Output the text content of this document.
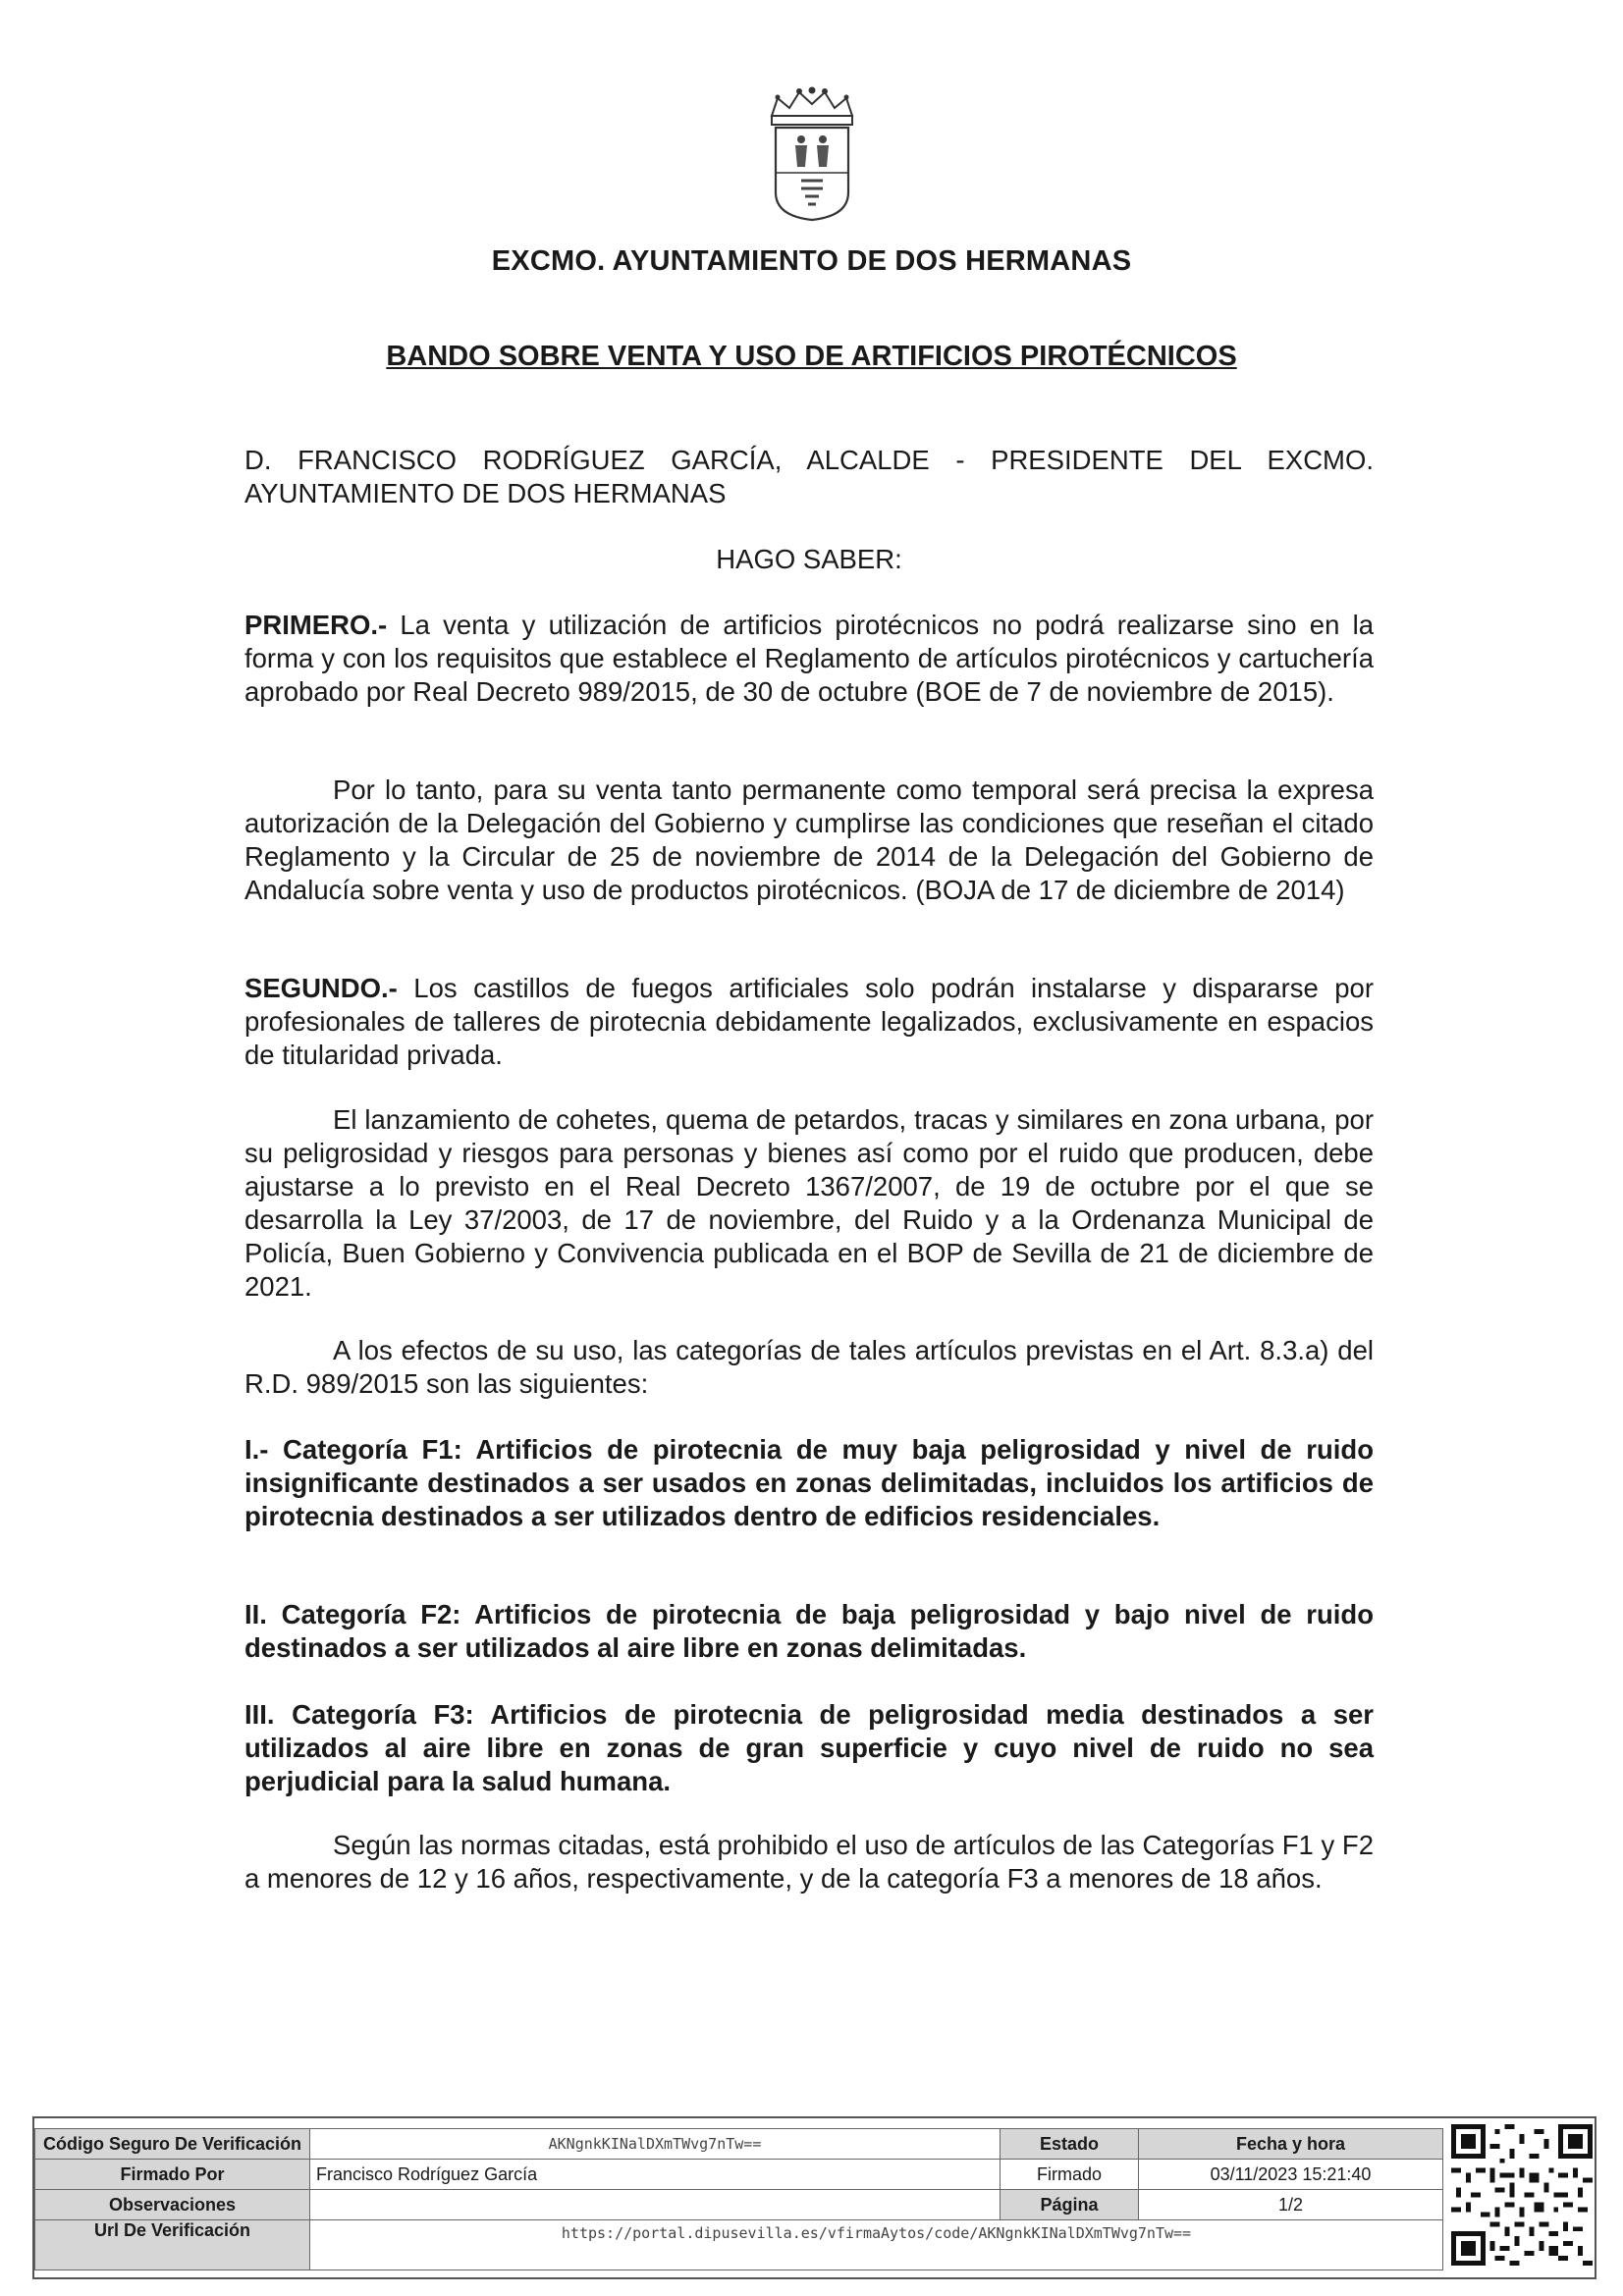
EXCMO. AYUNTAMIENTO DE DOS HERMANAS
BANDO SOBRE VENTA Y USO DE ARTIFICIOS PIROTÉCNICOS

D. FRANCISCO RODRÍGUEZ GARCÍA, ALCALDE - PRESIDENTE DEL EXCMO. AYUNTAMIENTO DE DOS HERMANAS

HAGO SABER:

PRIMERO.- La venta y utilización de artificios pirotécnicos no podrá realizarse sino en la forma y con los requisitos que establece el Reglamento de artículos pirotécnicos y cartuchería aprobado por Real Decreto 989/2015, de 30 de octubre (BOE de 7 de noviembre de 2015).

Por lo tanto, para su venta tanto permanente como temporal será precisa la expresa autorización de la Delegación del Gobierno y cumplirse las condiciones que reseñan el citado Reglamento y la Circular de 25 de noviembre de 2014 de la Delegación del Gobierno de Andalucía sobre venta y uso de productos pirotécnicos. (BOJA de 17 de diciembre de 2014)

SEGUNDO.- Los castillos de fuegos artificiales solo podrán instalarse y dispararse por profesionales de talleres de pirotecnia debidamente legalizados, exclusivamente en espacios de titularidad privada.

El lanzamiento de cohetes, quema de petardos, tracas y similares en zona urbana, por su peligrosidad y riesgos para personas y bienes así como por el ruido que producen, debe ajustarse a lo previsto en el Real Decreto 1367/2007, de 19 de octubre por el que se desarrolla la Ley 37/2003, de 17 de noviembre, del Ruido y a la Ordenanza Municipal de Policía, Buen Gobierno y Convivencia publicada en el BOP de Sevilla de 21 de diciembre de 2021.

A los efectos de su uso, las categorías de tales artículos previstas en el Art. 8.3.a) del R.D. 989/2015 son las siguientes:

I.- Categoría F1: Artificios de pirotecnia de muy baja peligrosidad y nivel de ruido insignificante destinados a ser usados en zonas delimitadas, incluidos los artificios de pirotecnia destinados a ser utilizados dentro de edificios residenciales.

II. Categoría F2: Artificios de pirotecnia de baja peligrosidad y bajo nivel de ruido destinados a ser utilizados al aire libre en zonas delimitadas.

III. Categoría F3: Artificios de pirotecnia de peligrosidad media destinados a ser utilizados al aire libre en zonas de gran superficie y cuyo nivel de ruido no sea perjudicial para la salud humana.

Según las normas citadas, está prohibido el uso de artículos de las Categorías F1 y F2 a menores de 12 y 16 años, respectivamente, y de la categoría F3 a menores de 18 años.

Código Seguro De Verificación	AKNgnkKINalDXmTWvg7nTw==	Estado	Fecha y hora
Firmado Por	Francisco Rodríguez García	Firmado	03/11/2023 15:21:40
Observaciones		Página	1/2
Url De Verificación	https://portal.dipusevilla.es/vfirmaAytos/code/AKNgnkKINalDXmTWvg7nTw==		
